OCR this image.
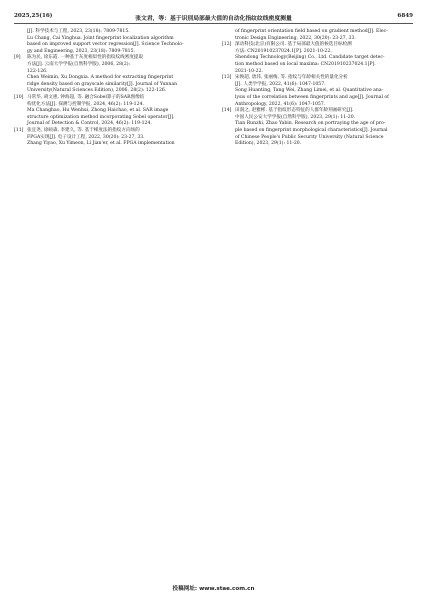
2025,25(16)	张文君，等：基于识别局部最大值的自动化指纹纹线密度测量	6849
[J]. 科学技术与工程, 2023, 23(18): 7809-7815.
Lu Chang, Cai Yinghua. Joint fingerprint localization algorithm
based on improved support vector regression[J]. Science Technolo-
gy and Engineering, 2023, 23(18): 7809-7815.
[9] 陈为民, 徐东霞. 一种基于灰度相似性的指纹纹线密度提取
方法[J]. 云南大学学报(自然科学版), 2006, 28(2):
122-126.
Chen Weimin, Xu Dongxia. A method for extracting fingerprint
ridge density based on grayscale similarity[J]. Journal of Yunnan
University(Natural Sciences Edition), 2006, 28(2): 122-126.
[10] 马常华, 胡文惠, 钟海超, 等. 融合Sobel算子的SAR图像结
构优化方法[J]. 探测与控制学报, 2024, 46(2): 119-124.
Ma Changhao, Hu Wenhui, Zhong Haichao, et al. SAR image
structure optimization method incorporating Sobel operator[J].
Journal of Detection & Control, 2024, 46(2): 119-124.
[11] 张宜尧, 徐硕森, 李建久, 等. 基于梯度法的指纹方向场的
FPGA实现[J]. 电子设计工程, 2022, 30(20): 23-27, 33.
Zhang Yiyao, Xu Yimeon, Li Jian'er, et al. FPGA implementation
of fingerprint orientation field based on gradient method[J]. Elec-
tronic Design Engineering, 2022, 30(20): 23-27, 33.
[12] 深动科技(北京)有限公司. 基于局部最大值的候选目标检测
方法: CN201910237024.1[P]. 2021-10-22.
Shendong Technology(Beijing) Co., Ltd. Candidate target detec-
tion method based on local maxima: CN201910237024.1[P].
2021-10-22.
[13] 宋焕超, 唐玮, 张丽梅, 等. 指纹与年龄相关性的量化分析
[J]. 人类学学报, 2022, 41(6): 1047-1057.
Song Huanting, Tang Wei, Zhang Limei, et al. Quantitative ana-
lysis of the correlation between fingerprints and age[J]. Journal of
Anthropology, 2022, 41(6): 1047-1057.
[14] 田润之, 赵雅彬. 基于指纹形态特征的人群年龄刻画研究[J].
中国人民公安大学学报(自然科学版), 2023, 29(1): 11-20.
Tian Runzhi, Zhao Yabin. Research on portraying the age of pro-
ple based on fingerprint morphological characteristics[J]. Journal
of Chinese People's Public Security University (Natural Science
Edition), 2023, 29(1): 11-20.
投稿网址: www.stae.com.cn
